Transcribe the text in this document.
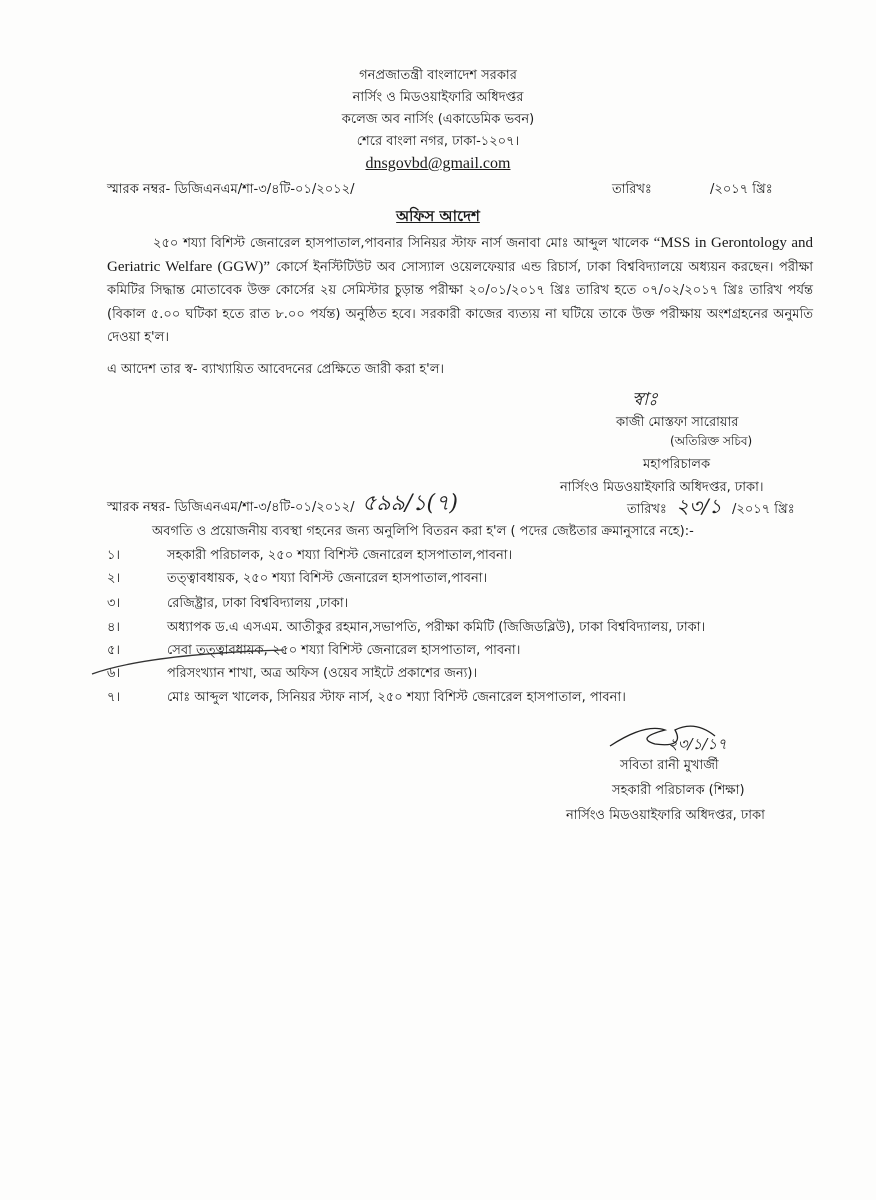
গনপ্রজাতন্ত্রী বাংলাদেশ সরকার
নার্সিং ও মিডওয়াইফারি অধিদপ্তর
কলেজ অব নার্সিং (একাডেমিক ভবন)
শেরে বাংলা নগর, ঢাকা-১২০৭।
dnsgovbd@gmail.com
স্মারক নম্বর- ডিজিএনএম/শা-৩/৪টি-০১/২০১২/	তারিখঃ	/২০১৭ খ্রিঃ
অফিস আদেশ
২৫০ শয্যা বিশিস্ট জেনারেল হাসপাতাল,পাবনার সিনিয়র স্টাফ নার্স জনাবা মোঃ আব্দুল খালেক “MSS in Gerontology and Geriatric Welfare (GGW)” কোর্সে ইনস্টিটিউট অব সোস্যাল ওয়েলফেয়ার এন্ড রিচার্স, ঢাকা বিশ্ববিদ্যালয়ে অধ্যয়ন করছেন। পরীক্ষা কমিটির সিদ্ধান্ত মোতাবেক উক্ত কোর্সের ২য় সেমিস্টার চুড়ান্ত পরীক্ষা ২০/০১/২০১৭ খ্রিঃ তারিখ হতে ০৭/০২/২০১৭ খ্রিঃ তারিখ পর্যন্ত (বিকাল ৫.০০ ঘটিকা হতে রাত ৮.০০ পর্যন্ত) অনুষ্ঠিত হবে। সরকারী কাজের ব্যত্যয় না ঘটিয়ে তাকে উক্ত পরীক্ষায় অংশগ্রহনের অনুমতি দেওয়া হ'ল।
এ আদেশ তার স্ব- ব্যাখ্যায়িত আবেদনের প্রেক্ষিতে জারী করা হ'ল।
স্বাঃ
কাজী মোস্তফা সারোয়ার
(অতিরিক্ত সচিব)
মহাপরিচালক
নার্সিংও মিডওয়াইফারি অধিদপ্তর, ঢাকা।
স্মারক নম্বর- ডিজিএনএম/শা-৩/৪টি-০১/২০১২/ ৫৯৯/১(৭)	তারিখঃ ২৩/১ /২০১৭ খ্রিঃ
অবগতি ও প্রয়োজনীয় ব্যবস্থা গহনের জন্য অনুলিপি বিতরন করা হ'ল ( পদের জেষ্টতার ক্রমানুসারে নহে):-
১।	সহকারী পরিচালক, ২৫০ শয্যা বিশিস্ট জেনারেল হাসপাতাল,পাবনা।
২।	তত্ত্বাবধায়ক, ২৫০ শয্যা বিশিস্ট জেনারেল হাসপাতাল,পাবনা।
৩।	রেজিষ্ট্রার, ঢাকা বিশ্ববিদ্যালয় ,ঢাকা।
৪।	অধ্যাপক ড.এ এসএম. আতীকুর রহমান,সভাপতি, পরীক্ষা কমিটি (জিজিডব্লিউ), ঢাকা বিশ্ববিদ্যালয়, ঢাকা।
৫।	সেবা তত্ত্বাবধায়ক, ২৫০ শয্যা বিশিস্ট জেনারেল হাসপাতাল, পাবনা।
৬।	পরিসংখ্যান শাখা, অত্র অফিস (ওয়েব সাইটে প্রকাশের জন্য)।
৭।	মোঃ আব্দুল খালেক, সিনিয়র স্টাফ নার্স, ২৫০ শয্যা বিশিস্ট জেনারেল হাসপাতাল, পাবনা।
২৩/১/১৭
সবিতা রানী মুখার্জী
সহকারী পরিচালক (শিক্ষা)
নার্সিংও মিডওয়াইফারি অধিদপ্তর, ঢাকা
